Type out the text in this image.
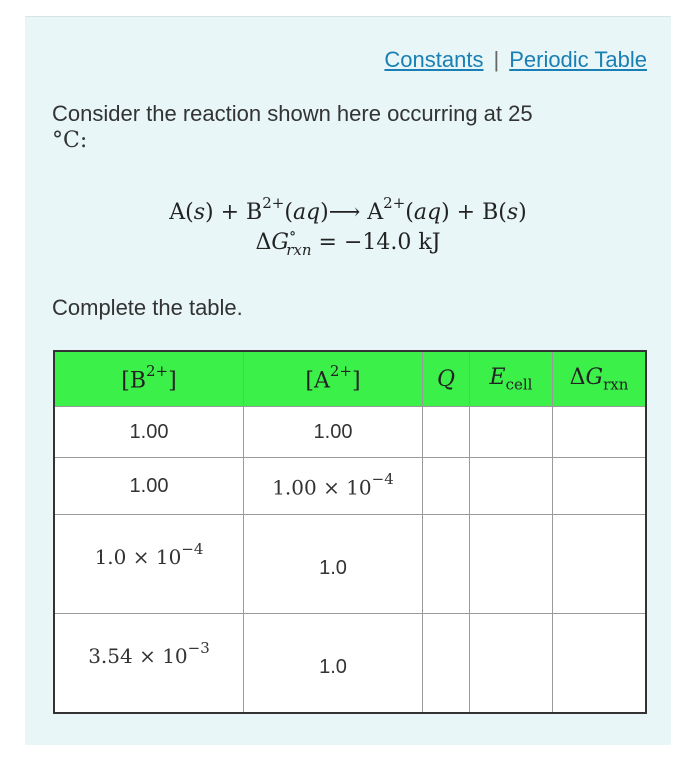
Constants | Periodic Table
Consider the reaction shown here occurring at 25
°C:
$A(s) + B^{2+}(aq)⟶$ $A^{2+}(aq) + B(s)$
$\Delta G^\circ_{rxn} = -14.0$ kJ
Complete the table.
$[B^{2+}]$	$[A^{2+}]$	Q	$E_{cell}$	$\Delta G_{rxn}$
1.00	1.00			
1.00	$1.00 \times 10^{-4}$			
$1.0 \times 10^{-4}$	1.0			
$3.54 \times 10^{-3}$	1.0			
